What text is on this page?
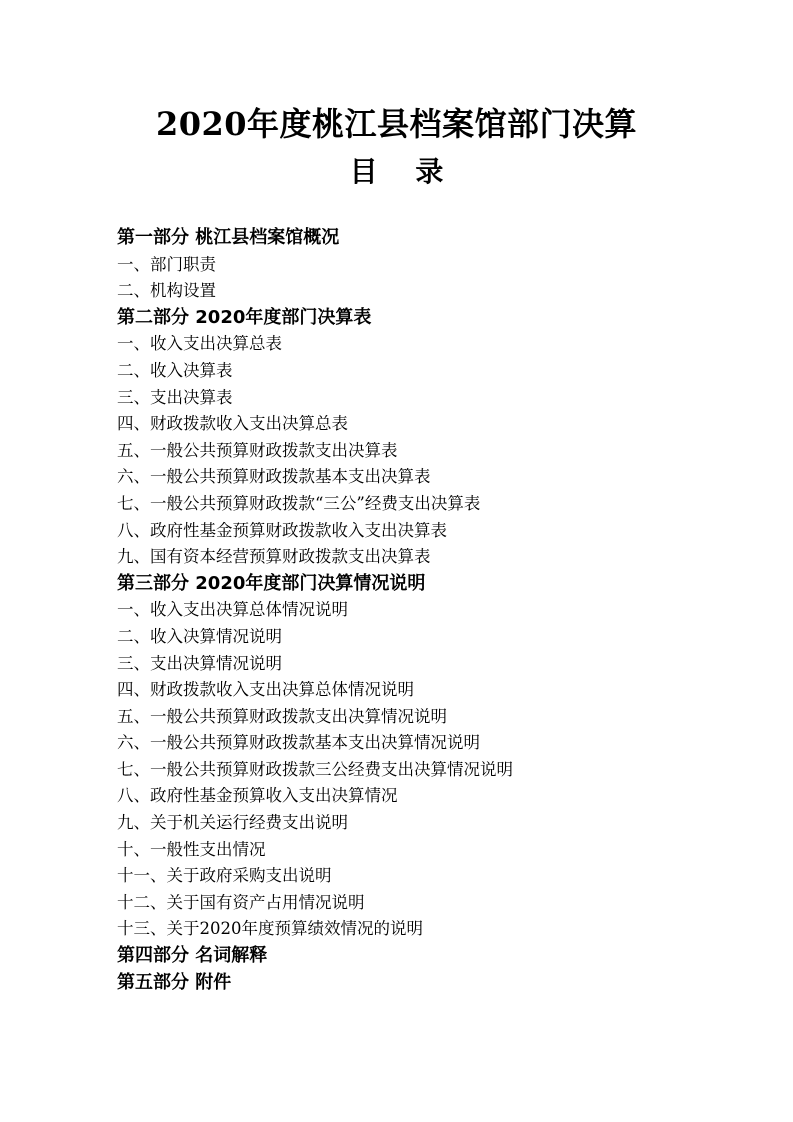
2020年度桃江县档案馆部门决算
目 录
第一部分 桃江县档案馆概况
一、部门职责
二、机构设置
第二部分 2020年度部门决算表
一、收入支出决算总表
二、收入决算表
三、支出决算表
四、财政拨款收入支出决算总表
五、一般公共预算财政拨款支出决算表
六、一般公共预算财政拨款基本支出决算表
七、一般公共预算财政拨款“三公”经费支出决算表
八、政府性基金预算财政拨款收入支出决算表
九、国有资本经营预算财政拨款支出决算表
第三部分 2020年度部门决算情况说明
一、收入支出决算总体情况说明
二、收入决算情况说明
三、支出决算情况说明
四、财政拨款收入支出决算总体情况说明
五、一般公共预算财政拨款支出决算情况说明
六、一般公共预算财政拨款基本支出决算情况说明
七、一般公共预算财政拨款三公经费支出决算情况说明
八、政府性基金预算收入支出决算情况
九、关于机关运行经费支出说明
十、一般性支出情况
十一、关于政府采购支出说明
十二、关于国有资产占用情况说明
十三、关于2020年度预算绩效情况的说明
第四部分 名词解释
第五部分 附件
